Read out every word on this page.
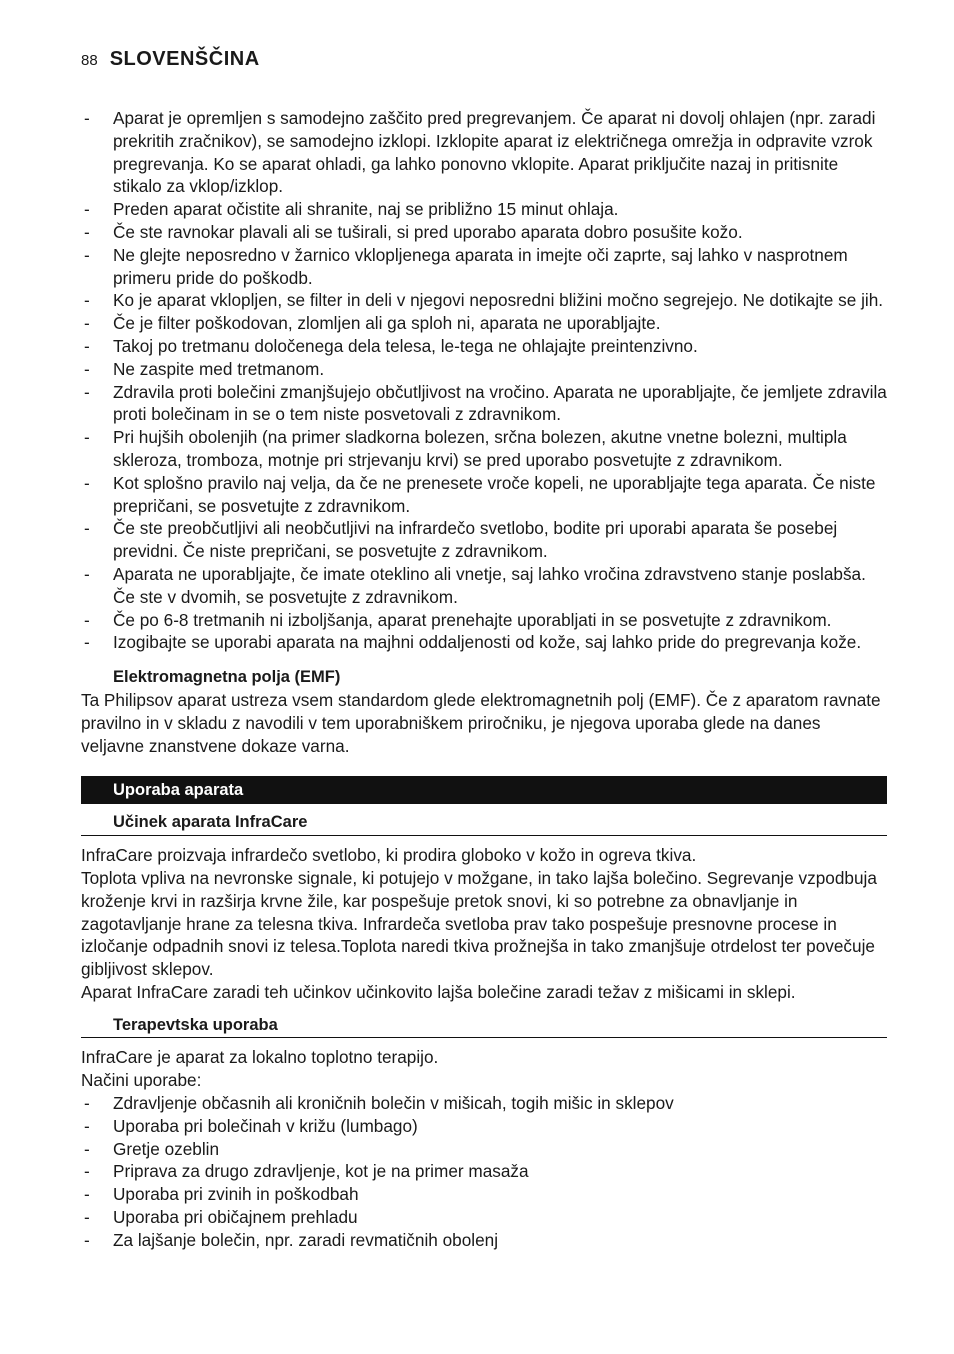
88 SLOVENŠČINA
- Aparat je opremljen s samodejno zaščito pred pregrevanjem. Če aparat ni dovolj ohlajen (npr. zaradi prekritih zračnikov), se samodejno izklopi. Izklopite aparat iz električnega omrežja in odpravite vzrok pregrevanja. Ko se aparat ohladi, ga lahko ponovno vklopite. Aparat priključite nazaj in pritisnite stikalo za vklop/izklop.
- Preden aparat očistite ali shranite, naj se približno 15 minut ohlaja.
- Če ste ravnokar plavali ali se tuširali, si pred uporabo aparata dobro posušite kožo.
- Ne glejte neposredno v žarnico vklopljenega aparata in imejte oči zaprte, saj lahko v nasprotnem primeru pride do poškodb.
- Ko je aparat vklopljen, se filter in deli v njegovi neposredni bližini močno segrejejo. Ne dotikajte se jih.
- Če je filter poškodovan, zlomljen ali ga sploh ni, aparata ne uporabljajte.
- Takoj po tretmanu določenega dela telesa, le-tega ne ohlajajte preintenzivno.
- Ne zaspite med tretmanom.
- Zdravila proti bolečini zmanjšujejo občutljivost na vročino. Aparata ne uporabljajte, če jemljete zdravila proti bolečinam in se o tem niste posvetovali z zdravnikom.
- Pri hujših obolenjih (na primer sladkorna bolezen, srčna bolezen, akutne vnetne bolezni, multipla skleroza, tromboza, motnje pri strjevanju krvi) se pred uporabo posvetujte z zdravnikom.
- Kot splošno pravilo naj velja, da če ne prenesete vroče kopeli, ne uporabljajte tega aparata. Če niste prepričani, se posvetujte z zdravnikom.
- Če ste preobčutljivi ali neobčutljivi na infrardečo svetlobo, bodite pri uporabi aparata še posebej previdni. Če niste prepričani, se posvetujte z zdravnikom.
- Aparata ne uporabljajte, če imate oteklino ali vnetje, saj lahko vročina zdravstveno stanje poslabša. Če ste v dvomih, se posvetujte z zdravnikom.
- Če po 6-8 tretmanih ni izboljšanja, aparat prenehajte uporabljati in se posvetujte z zdravnikom.
- Izogibajte se uporabi aparata na majhni oddaljenosti od kože, saj lahko pride do pregrevanja kože.
Elektromagnetna polja (EMF)

Ta Philipsov aparat ustreza vsem standardom glede elektromagnetnih polj (EMF). Če z aparatom ravnate pravilno in v skladu z navodili v tem uporabniškem priročniku, je njegova uporaba glede na danes veljavne znanstvene dokaze varna.

Uporaba aparata
Učinek aparata InfraCare

InfraCare proizvaja infrardečo svetlobo, ki prodira globoko v kožo in ogreva tkiva.

Toplota vpliva na nevronske signale, ki potujejo v možgane, in tako lajša bolečino. Segrevanje vzpodbuja kroženje krvi in razširja krvne žile, kar pospešuje pretok snovi, ki so potrebne za obnavljanje in zagotavljanje hrane za telesna tkiva. Infrardeča svetloba prav tako pospešuje presnovne procese in izločanje odpadnih snovi iz telesa.Toplota naredi tkiva prožnejša in tako zmanjšuje otrdelost ter povečuje gibljivost sklepov.

Aparat InfraCare zaradi teh učinkov učinkovito lajša bolečine zaradi težav z mišicami in sklepi.

Terapevtska uporaba

InfraCare je aparat za lokalno toplotno terapijo.

Načini uporabe:

- Zdravljenje občasnih ali kroničnih bolečin v mišicah, togih mišic in sklepov
- Uporaba pri bolečinah v križu (lumbago)
- Gretje ozeblin
- Priprava za drugo zdravljenje, kot je na primer masaža
- Uporaba pri zvinih in poškodbah
- Uporaba pri običajnem prehladu
- Za lajšanje bolečin, npr. zaradi revmatičnih obolenj
